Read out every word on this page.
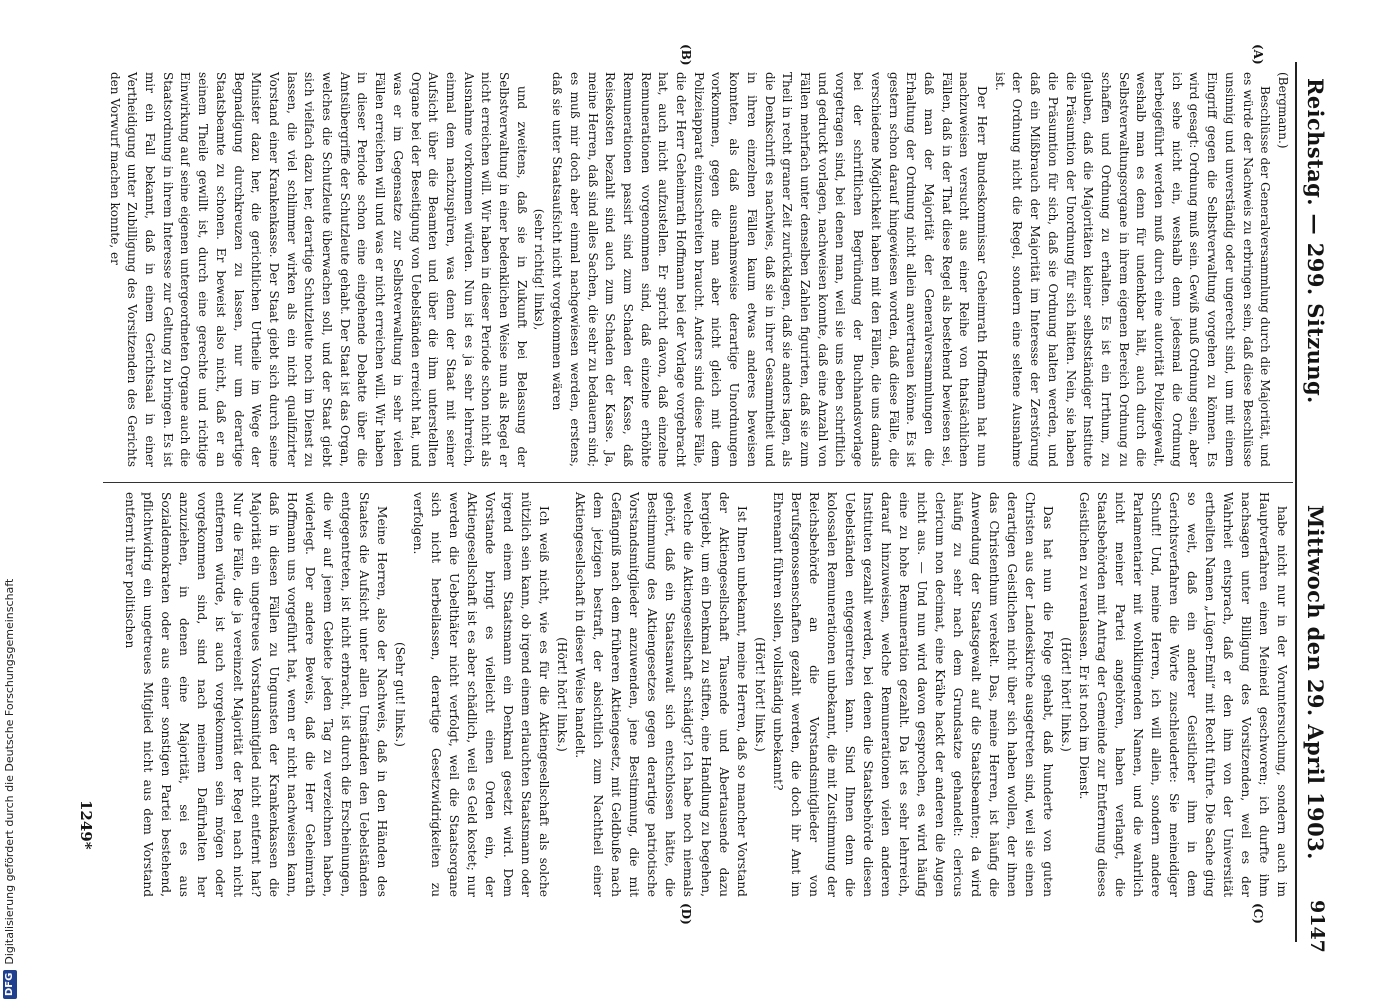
Reichstag. — 299. Sitzung.
Mittwoch den 29. April 1903.
9147
(A)
(B)
(C)
(D)

(Bergmann.)

Beschlüsse der Generalversammlung durch die Majorität, und es würde der Nachweis zu erbringen sein, daß diese Beschlüsse unsinnig und unverständig oder ungerecht sind, um mit einem Eingriff gegen die Selbstverwaltung vorgehen zu können. Es wird gesagt: Ordnung muß sein. Gewiß muß Ordnung sein, aber ich sehe nicht ein, weshalb denn jedesmal die Ordnung herbeigeführt werden muß durch eine autorität Polizeigewalt, weshalb man es denn für undenkbar hält, auch durch die Selbstverwaltungsorgane in ihrem eigenen Bereich Ordnung zu schaffen und Ordnung zu erhalten. Es ist ein Irrthum, zu glauben, daß die Majoritäten kleiner selbstständiger Institute die Präsumtion der Unordnung für sich hätten. Nein, sie haben die Präsumtion für sich, daß sie Ordnung halten werden, und daß ein Mißbrauch der Majorität im Interesse der Zerstörung der Ordnung nicht die Regel, sondern eine seltene Ausnahme ist.

Der Herr Bundeskommissar Geheimrath Hoffmann hat nun nachzuweisen versucht aus einer Reihe von thatsächlichen Fällen, daß in der That diese Regel als bestehend bewiesen sei, daß man der Majorität der Generalversammlungen die Erhaltung der Ordnung nicht allein anvertrauen könne. Es ist gestern schon darauf hingewiesen worden, daß diese Fälle, die verschiedene Möglichkeit haben mit den Fällen, die uns damals bei der schriftlichen Begründung der Buchhandsvorlage vorgetragen sind, bei denen man, weil sie uns eben schriftlich und gedruckt vorlagen, nachweisen konnte, daß eine Anzahl von Fällen mehrfach unter denselben Zahlen figurirten, daß sie zum Theil in recht graner Zeit zurücklagen, daß sie anders lagen, als die Denkschrift es nachwies, daß sie in ihrer Gesammtheit und in ihren einzelnen Fällen kaum etwas anderes beweisen konnten, als daß ausnahmsweise derartige Unordnungen vorkommen, gegen die man aber nicht gleich mit dem Polizeiapparat einzuschreiten braucht. Anders sind diese Fälle, die der Herr Geheimrath Hoffmann bei der Vorlage vorgebracht hat, auch nicht aufzustellen. Er spricht davon, daß einzelne Remunerationen vorgenommen sind, daß einzelne erhöhte Remunerationen passirt sind zum Schaden der Kasse, daß Reisekosten bezahlt sind auch zum Schaden der Kasse. Ja, meine Herren, daß sind alles Sachen, die sehr zu bedauern sind; es muß mir doch aber einmal nachgewiesen werden, erstens, daß sie unter Staatsaufsicht nicht vorgekommen wären

(sehr richtig! links),

und zweitens, daß sie in Zukunft bei Belassung der Selbstverwaltung in einer bedenklichen Weise nun als Regel er nicht erreichen will. Wir haben in dieser Periode schon nicht als Ausnahme vorkommen würden. Nun ist es ja sehr lehrreich, einmal dem nachzuspüren, was denn der Staat mit seiner Aufsicht über die Beamten und über die ihm unterstellten Organe bei der Beseitigung von Uebelständen erreicht hat, und was er im Gegensatze zur Selbstverwaltung in sehr vielen Fällen erreichen will und was er nicht erreichen will. Wir haben in dieser Periode schon eine eingehende Debatte über die Amtsübergriffe der Schutzleute gehabt. Der Staat ist das Organ, welches die Schutzleute überwachen soll, und der Staat giebt sich vielfach dazu her, derartige Schutzleute noch im Dienst zu lassen, die viel schlimmer wirken als ein nicht qualifizirter Vorstand einer Krankenkasse. Der Staat giebt sich durch seine Minister dazu her, die gerichtlichen Urtheile im Wege der Begnadigung durchkreuzen zu lassen, nur um derartige Staatsbeamte zu schonen. Er beweist also nicht, daß er an seinem Theile gewillt ist, durch eine gerechte und richtige Einwirkung auf seine eigenen untergeordneten Organe auch die Staatsordnung in ihrem Interesse zur Geltung zu bringen. Es ist mir ein Fall bekannt, daß in einem Gerichtsaal in einer Vertheidigung unter Zubilligung des Vorsitzenden des Gerichts den Vorwurf machen konnte, er

habe nicht nur in der Voruntersuchung, sondern auch im Hauptverfahren einen Meineid geschworen; ich durfte ihm nachsagen unter Billigung des Vorsitzenden, weil es der Wahrheit entsprach, daß er den ihm von der Universität ertheilten Namen „Lügen-Emil“ mit Recht führte. Die Sache ging so weit, daß ein anderer Geistlicher ihm in dem Gerichtsverfahren die Worte zuschleuderte: Sie meineidiger Schuft! Und, meine Herren, ich will allein, sondern andere Parlamentarier mit wohlklingenden Namen, und die wahrlich nicht meiner Partei angehören, haben verlangt, die Staatsbehörden mit Antrag der Gemeinde zur Entfernung dieses Geistlichen zu veranlassen. Er ist noch im Dienst.

(Hört! hört! links.)

Das hat nun die Folge gehabt, daß hunderte von guten Christen aus der Landeskirche ausgetreten sind, weil sie einen derartigen Geistlichen nicht über sich haben wollen, der ihnen das Christenthum verekelt. Das, meine Herren, ist häufig die Anwendung der Staatsgewalt auf die Staatsbeamten; da wird häufig zu sehr nach dem Grundsatze gehandelt: clericus clericum non decimat, eine Krähe hackt der anderen die Augen nicht aus. — Und nun wird davon gesprochen, es wird häufig eine zu hohe Remuneration gezahlt. Da ist es sehr lehrreich, darauf hinzuweisen, welche Remunerationen vielen anderen Instituten gezahlt werden, bei denen die Staatsbehörde diesen Uebelständen entgegentreten kann. Sind Ihnen denn die kolossalen Remunerationen unbekannt, die mit Zustimmung der Reichsbehörde an die Vorstandsmitglieder von Berufsgenossenschaften gezahlt werden, die doch ihr Amt im Ehrenamt führen sollen, vollständig unbekannt?

(Hört! hört! links.)

Ist Ihnen unbekannt, meine Herren, daß so mancher Vorstand der Aktiengesellschaft Tausende und Abertausende dazu hergiebt, um ein Denkmal zu stiften, eine Handlung zu begehen, welche die Aktiengesellschaft schädigt? Ich habe noch niemals gehört, daß ein Staatsanwalt sich entschlossen hätte, die Bestimmung des Aktiengesetzes gegen derartige patriotische Vorstandsmitglieder anzuwenden, jene Bestimmung, die mit Gefängniß nach dem früheren Aktiengesetz, mit Geldbuße nach dem jetzigen bestraft, der absichtlich zum Nachtheil einer Aktiengesellschaft in dieser Weise handelt.

(Hört! hört! links.)

Ich weiß nicht, wie es für die Aktiengesellschaft als solche nützlich sein kann, ob irgend einem erlauchten Staatsmann oder irgend einem Staatsmann ein Denkmal gesetzt wird. Dem Vorstande bringt es vielleicht einen Orden ein, der Aktiengesellschaft ist es aber schädlich, weil es Geld kostet; nur werden die Uebelthäter nicht verfolgt, weil die Staatsorgane sich nicht herbeilassen, derartige Gesetzwidrigkeiten zu verfolgen.

(Sehr gut! links.)

Meine Herren, also der Nachweis, daß in den Händen des Staates die Aufsicht unter allen Umständen den Uebelständen entgegentreten, ist nicht erbracht, ist durch die Erscheinungen, die wir auf jenem Gebiete jeden Tag zu verzeichnen haben, widerlegt. Der andere Beweis, daß die Herr Geheimrath Hoffmann uns vorgeführt hat, wenn er nicht nachweisen kann, daß in diesen Fällen zu Ungunsten der Krankenkassen die Majorität ein ungetreues Vorstandsmitglied nicht entfernt hat? Nur die Fälle, die ja vereinzelt Majorität der Regel nach nicht entfernen würde, ist auch vorgekommen sein mögen oder vorgekommen sind, sind nach meinem Dafürhalten her anzuziehen, in denen eine Majorität, sei es aus Sozialdemokraten oder aus einer sonstigen Partei bestehend, pflichtwidrig ein ungetreues Mitglied nicht aus dem Vorstand entfernt ihrer politischen

1249*
DFG
Digitalisierung gefördert durch die Deutsche Forschungsgemeinschaft
